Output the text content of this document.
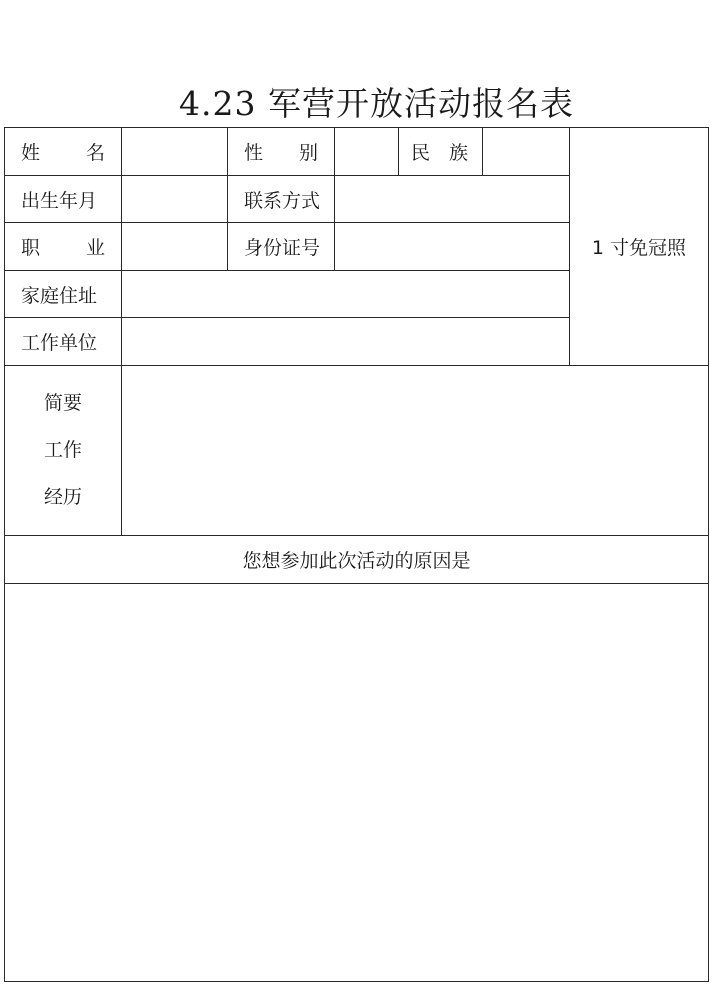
4.23 军营开放活动报名表
姓 名		性 别		民 族		1 寸免冠照
出生年月		联系方式				

职 业		身份证号				
家庭住址						
工作单位						

简要
工作
经历						

您想参加此次活动的原因是						
